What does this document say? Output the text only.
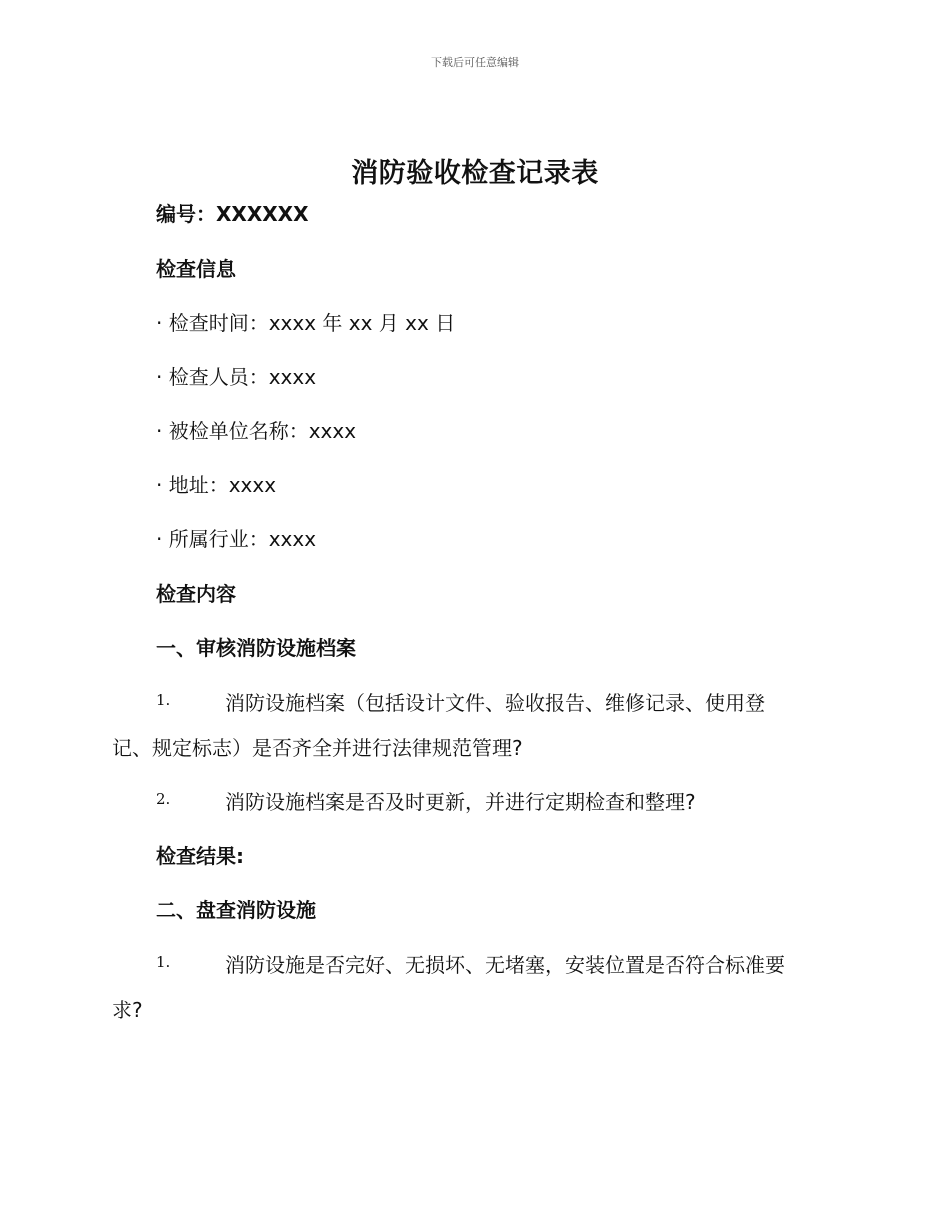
下载后可任意编辑
消防验收检查记录表
编号：XXXXXX
检查信息
· 检查时间：xxxx 年 xx 月 xx 日
· 检查人员：xxxx
· 被检单位名称：xxxx
· 地址：xxxx
· 所属行业：xxxx
检查内容
一、审核消防设施档案
1.	消防设施档案（包括设计文件、验收报告、维修记录、使用登
记、规定标志）是否齐全并进行法律规范管理?
2.	消防设施档案是否及时更新，并进行定期检查和整理?
检查结果:
二、盘查消防设施
1.	消防设施是否完好、无损坏、无堵塞，安装位置是否符合标准要
求?
